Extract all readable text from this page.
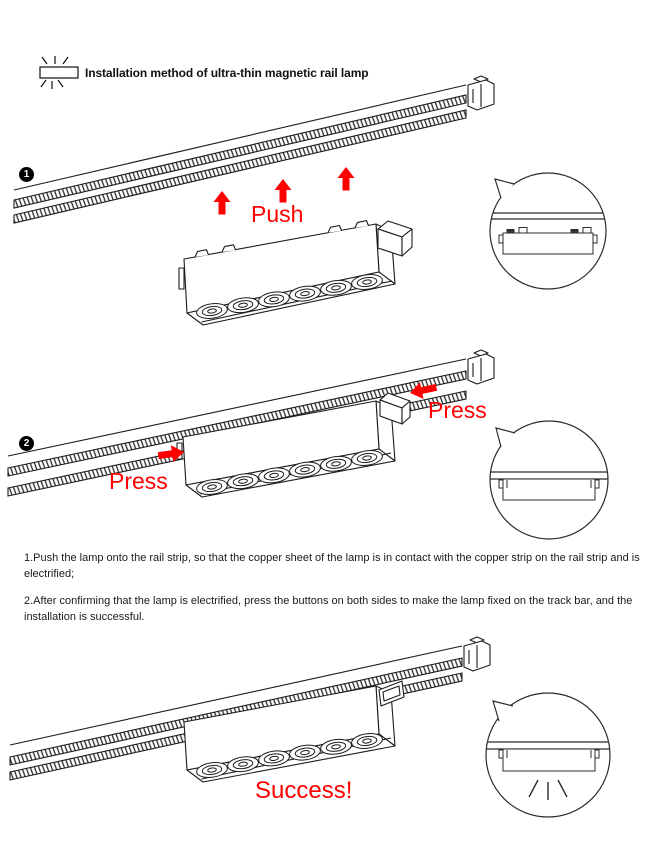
Installation method of ultra-thin magnetic rail lamp
1
2
Push
Press
Press
Success!

1.Push the lamp onto the rail strip, so that the copper sheet of the lamp is in contact with the copper strip on the rail strip and is electrified;

2.After confirming that the lamp is electrified, press the buttons on both sides to make the lamp fixed on the track bar, and the installation is successful.
